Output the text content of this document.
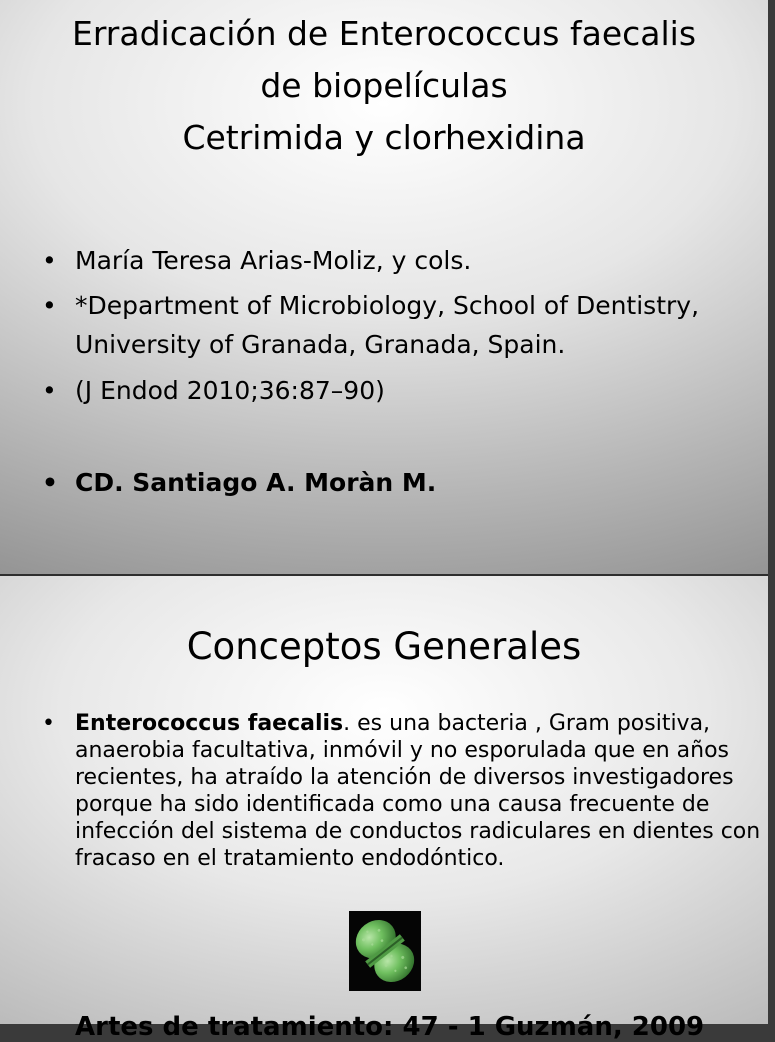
Erradicación de Enterococcus faecalis
de biopelículas
Cetrimida y clorhexidina
• María Teresa Arias-Moliz, y cols.
• *Department of Microbiology, School of Dentistry, University of Granada, Granada, Spain.
• (J Endod 2010;36:87–90)
• CD. Santiago A. Moràn M.
Conceptos Generales
• Enterococcus faecalis. es una bacteria , Gram positiva, anaerobia facultativa, inmóvil y no esporulada que en años recientes, ha atraído la atención de diversos investigadores porque ha sido identificada como una causa frecuente de infección del sistema de conductos radiculares en dientes con fracaso en el tratamiento endodóntico.
Artes de tratamiento: 47 - 1 Guzmán, 2009
